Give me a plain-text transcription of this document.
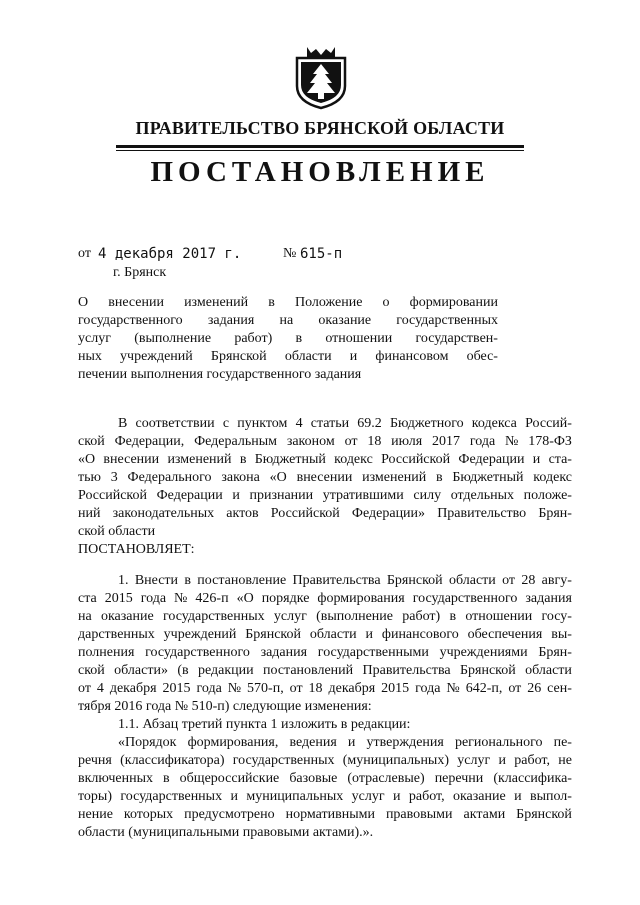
ПРАВИТЕЛЬСТВО БРЯНСКОЙ ОБЛАСТИ
ПОСТАНОВЛЕНИЕ
от 4 декабря 2017 г.	№ 615-п
г. Брянск
О внесении изменений в Положение о формировании
государственного задания на оказание государственных
услуг (выполнение работ) в отношении государствен-
ных учреждений Брянской области и финансовом обес-
печении выполнения государственного задания
В соответствии с пунктом 4 статьи 69.2 Бюджетного кодекса Россий-
ской Федерации, Федеральным законом от 18 июля 2017 года № 178-ФЗ
«О внесении изменений в Бюджетный кодекс Российской Федерации и ста-
тью 3 Федерального закона «О внесении изменений в Бюджетный кодекс
Российской Федерации и признании утратившими силу отдельных положе-
ний законодательных актов Российской Федерации» Правительство Брян-
ской области
ПОСТАНОВЛЯЕТ:
1. Внести в постановление Правительства Брянской области от 28 авгу-
ста 2015 года № 426-п «О порядке формирования государственного задания
на оказание государственных услуг (выполнение работ) в отношении госу-
дарственных учреждений Брянской области и финансового обеспечения вы-
полнения государственного задания государственными учреждениями Брян-
ской области» (в редакции постановлений Правительства Брянской области
от 4 декабря 2015 года № 570-п, от 18 декабря 2015 года № 642-п, от 26 сен-
тября 2016 года № 510-п) следующие изменения:
1.1. Абзац третий пункта 1 изложить в редакции:
«Порядок формирования, ведения и утверждения регионального пе-
речня (классификатора) государственных (муниципальных) услуг и работ, не
включенных в общероссийские базовые (отраслевые) перечни (классифика-
торы) государственных и муниципальных услуг и работ, оказание и выпол-
нение которых предусмотрено нормативными правовыми актами Брянской
области (муниципальными правовыми актами).».
